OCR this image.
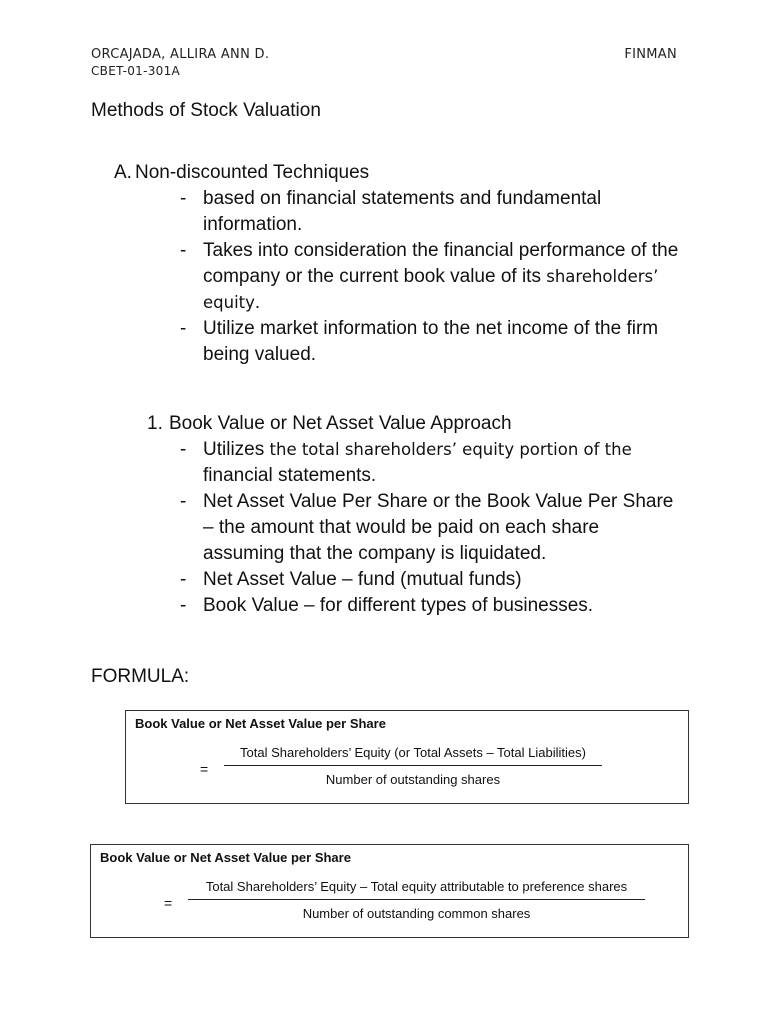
ORCAJADA, ALLIRA ANN D.
CBET-01-301A
FINMAN
Methods of Stock Valuation
A. Non-discounted Techniques
- based on financial statements and fundamental information.
- Takes into consideration the financial performance of the company or the current book value of its shareholders’ equity.
- Utilize market information to the net income of the firm being valued.
1. Book Value or Net Asset Value Approach
- Utilizes the total shareholders’ equity portion of the financial statements.
- Net Asset Value Per Share or the Book Value Per Share – the amount that would be paid on each share assuming that the company is liquidated.
- Net Asset Value – fund (mutual funds)
- Book Value – for different types of businesses.
FORMULA:
Book Value or Net Asset Value per Share
=
Total Shareholders’ Equity (or Total Assets – Total Liabilities)
Number of outstanding shares
Book Value or Net Asset Value per Share
=
Total Shareholders’ Equity – Total equity attributable to preference shares
Number of outstanding common shares
